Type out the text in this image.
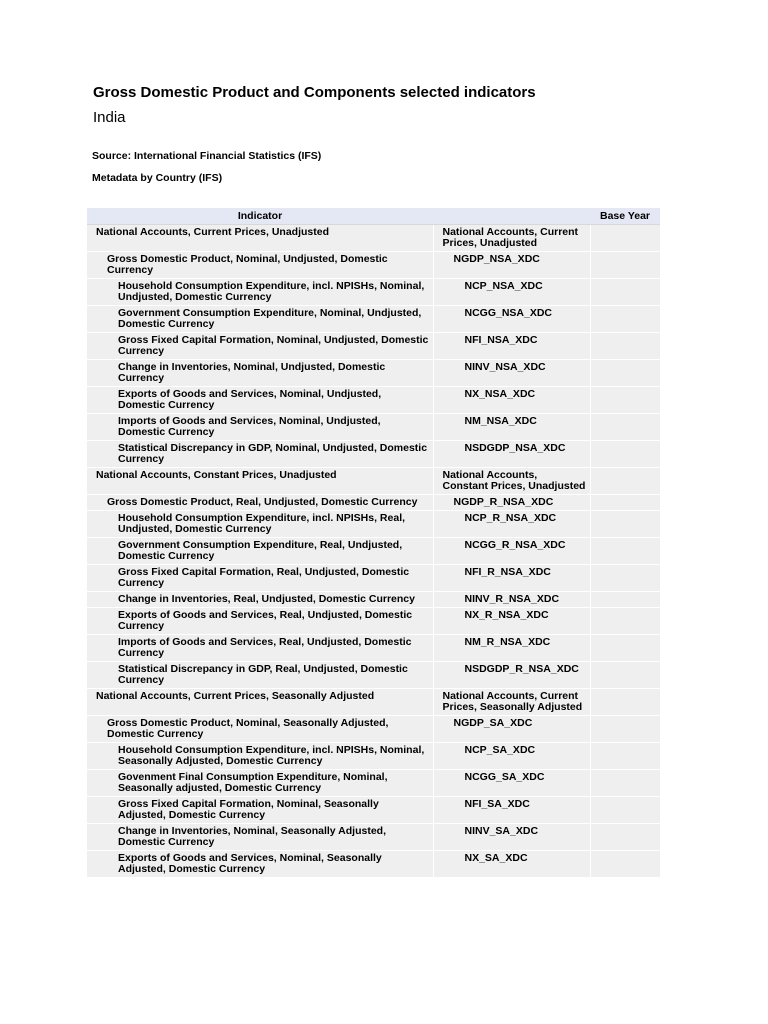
Gross Domestic Product and Components selected indicators
India
Source: International Financial Statistics (IFS)
Metadata by Country (IFS)
Indicator		Base Year
National Accounts, Current Prices, Unadjusted	National Accounts, Current Prices, Unadjusted	
Gross Domestic Product, Nominal, Undjusted, Domestic Currency	NGDP_NSA_XDC	
Household Consumption Expenditure, incl. NPISHs, Nominal, Undjusted, Domestic Currency	NCP_NSA_XDC	
Government Consumption Expenditure, Nominal, Undjusted, Domestic Currency	NCGG_NSA_XDC	
Gross Fixed Capital Formation, Nominal, Undjusted, Domestic Currency	NFI_NSA_XDC	
Change in Inventories, Nominal, Undjusted, Domestic Currency	NINV_NSA_XDC	
Exports of Goods and Services, Nominal, Undjusted, Domestic Currency	NX_NSA_XDC	
Imports of Goods and Services, Nominal, Undjusted, Domestic Currency	NM_NSA_XDC	
Statistical Discrepancy in GDP, Nominal, Undjusted, Domestic Currency	NSDGDP_NSA_XDC	
National Accounts, Constant Prices, Unadjusted	National Accounts, Constant Prices, Unadjusted	
Gross Domestic Product, Real, Undjusted, Domestic Currency	NGDP_R_NSA_XDC	
Household Consumption Expenditure, incl. NPISHs, Real, Undjusted, Domestic Currency	NCP_R_NSA_XDC	
Government Consumption Expenditure, Real, Undjusted, Domestic Currency	NCGG_R_NSA_XDC	
Gross Fixed Capital Formation, Real, Undjusted, Domestic Currency	NFI_R_NSA_XDC	
Change in Inventories, Real, Undjusted, Domestic Currency	NINV_R_NSA_XDC	
Exports of Goods and Services, Real, Undjusted, Domestic Currency	NX_R_NSA_XDC	
Imports of Goods and Services, Real, Undjusted, Domestic Currency	NM_R_NSA_XDC	
Statistical Discrepancy in GDP, Real, Undjusted, Domestic Currency	NSDGDP_R_NSA_XDC	
National Accounts, Current Prices, Seasonally Adjusted	National Accounts, Current Prices, Seasonally Adjusted	
Gross Domestic Product, Nominal, Seasonally Adjusted, Domestic Currency	NGDP_SA_XDC	
Household Consumption Expenditure, incl. NPISHs, Nominal, Seasonally Adjusted, Domestic Currency	NCP_SA_XDC	
Govenment Final Consumption Expenditure, Nominal, Seasonally adjusted, Domestic Currency	NCGG_SA_XDC	
Gross Fixed Capital Formation, Nominal, Seasonally Adjusted, Domestic Currency	NFI_SA_XDC	
Change in Inventories, Nominal, Seasonally Adjusted, Domestic Currency	NINV_SA_XDC	
Exports of Goods and Services, Nominal, Seasonally Adjusted, Domestic Currency	NX_SA_XDC	
